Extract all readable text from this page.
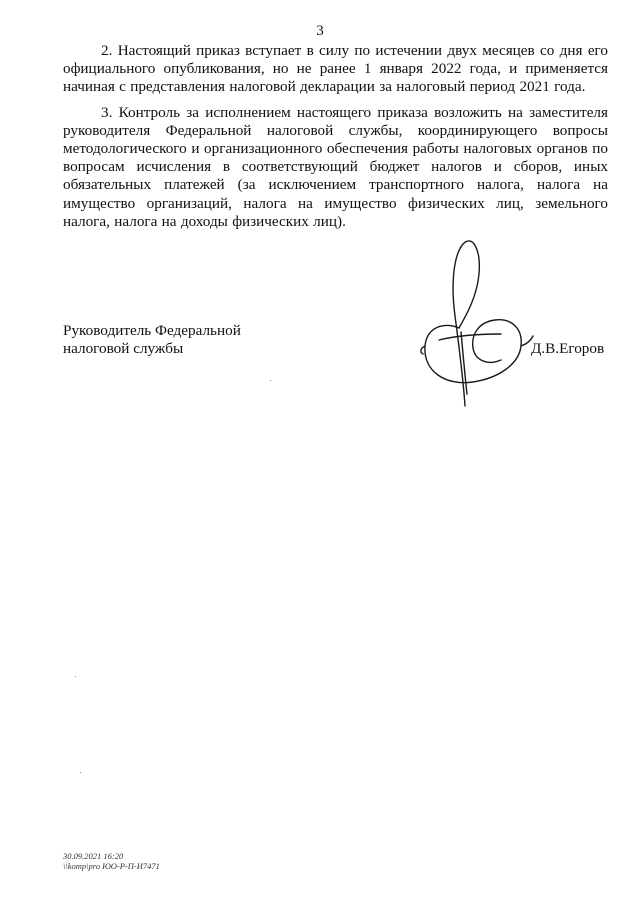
3

2. Настоящий приказ вступает в силу по истечении двух месяцев со дня его официального опубликования, но не ранее 1 января 2022 года, и применяется начиная с представления налоговой декларации за налоговый период 2021 года.

3. Контроль за исполнением настоящего приказа возложить на заместителя руководителя Федеральной налоговой службы, координирующего вопросы методологического и организационного обеспечения работы налоговых органов по вопросам исчисления в соответствующий бюджет налогов и сборов, иных обязательных платежей (за исключением транспортного налога, налога на имущество организаций, налога на имущество физических лиц, земельного налога, налога на доходы физических лиц).

Руководитель Федеральной
налоговой службы	Д.В.Егоров
30.09.2021 16:20
\\komp\pro ЮО-Р-П-И7471
